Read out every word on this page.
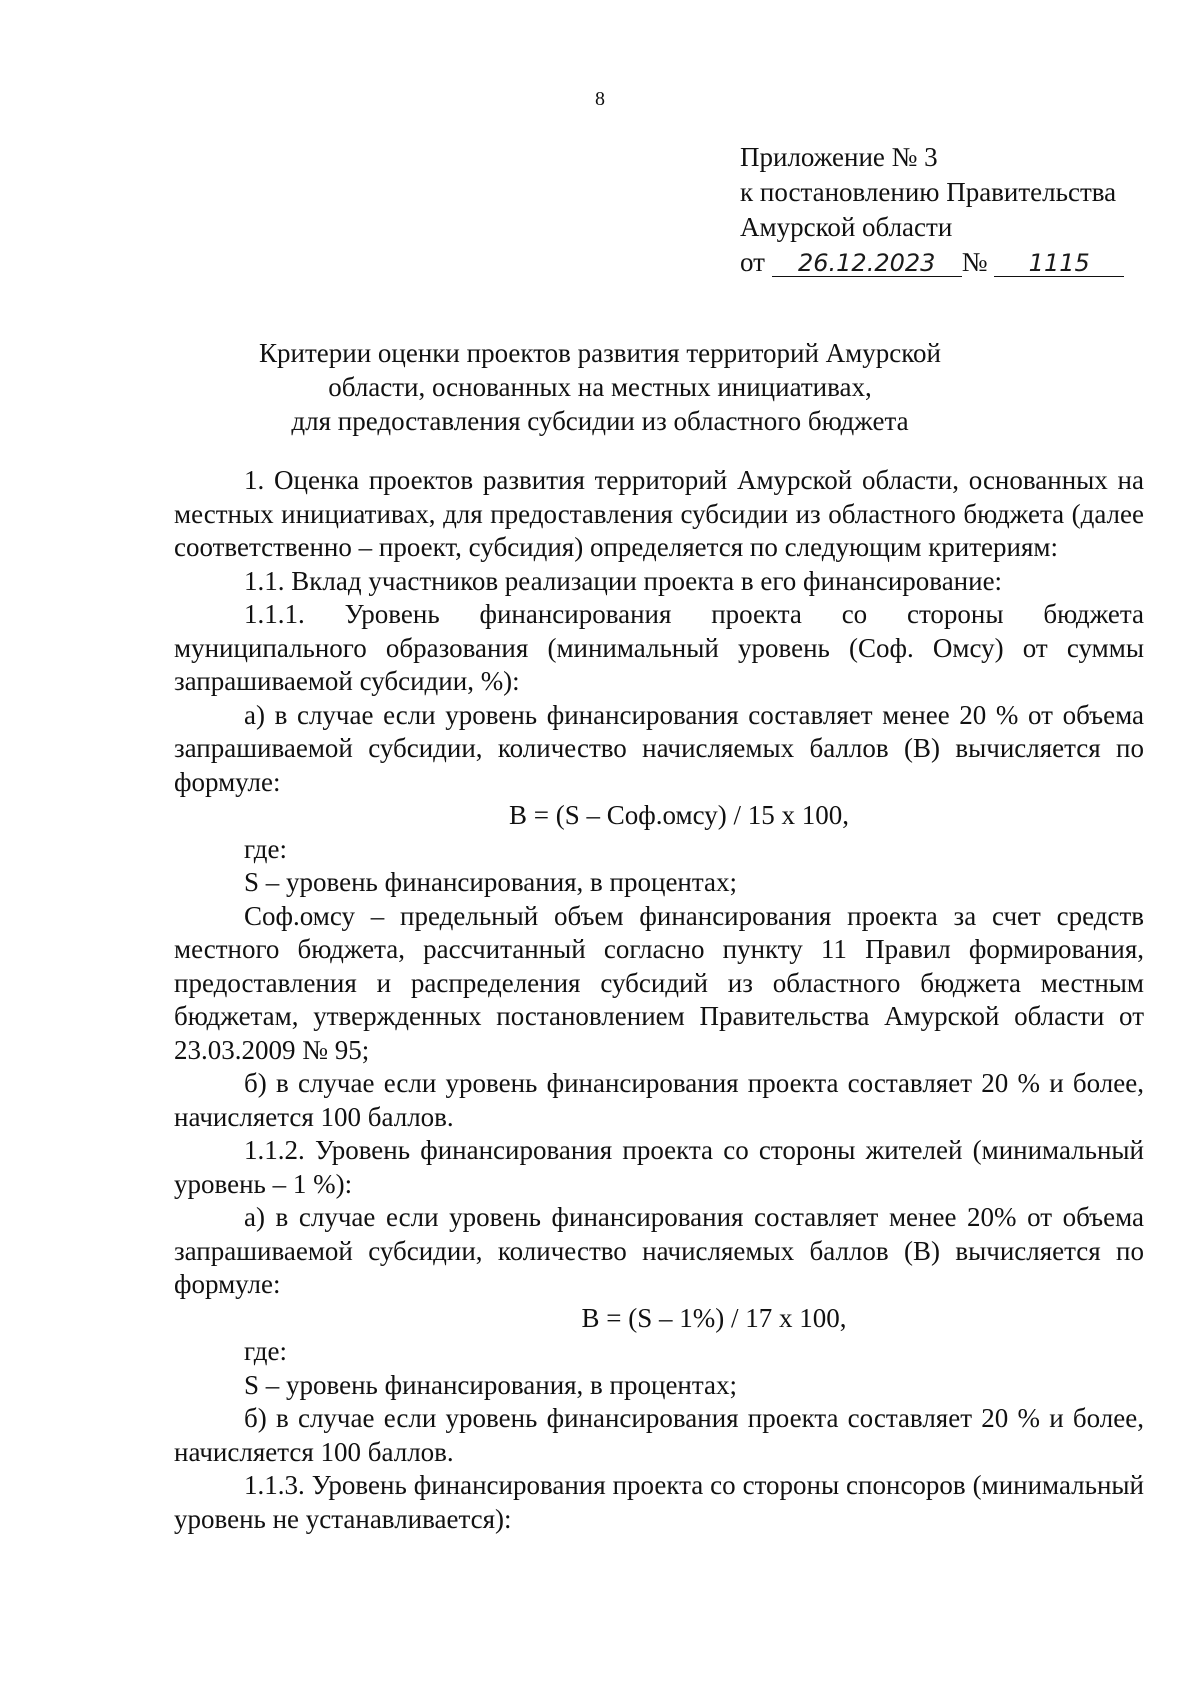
8
Приложение № 3
к постановлению Правительства
Амурской области
от 26.12.2023 № 1115
Критерии оценки проектов развития территорий Амурской
области, основанных на местных инициативах,
для предоставления субсидии из областного бюджета

1. Оценка проектов развития территорий Амурской области, основанных на местных инициативах, для предоставления субсидии из областного бюджета (далее соответственно – проект, субсидия) определяется по следующим критериям:

1.1. Вклад участников реализации проекта в его финансирование:

1.1.1. Уровень финансирования проекта со стороны бюджета муниципального образования (минимальный уровень (Соф. Омсу) от суммы запрашиваемой субсидии, %):

а) в случае если уровень финансирования составляет менее 20 % от объема запрашиваемой субсидии, количество начисляемых баллов (В) вычисляется по формуле:

В = (S – Соф.омсу) / 15 х 100,

где:

S – уровень финансирования, в процентах;

Соф.омсу – предельный объем финансирования проекта за счет средств местного бюджета, рассчитанный согласно пункту 11 Правил формирования, предоставления и распределения субсидий из областного бюджета местным бюджетам, утвержденных постановлением Правительства Амурской области от 23.03.2009 № 95;

б) в случае если уровень финансирования проекта составляет 20 % и более, начисляется 100 баллов.

1.1.2. Уровень финансирования проекта со стороны жителей (минимальный уровень – 1 %):

а) в случае если уровень финансирования составляет менее 20% от объема запрашиваемой субсидии, количество начисляемых баллов (В) вычисляется по формуле:

В = (S – 1%) / 17 х 100,

где:

S – уровень финансирования, в процентах;

б) в случае если уровень финансирования проекта составляет 20 % и более, начисляется 100 баллов.

1.1.3. Уровень финансирования проекта со стороны спонсоров (минимальный уровень не устанавливается):
